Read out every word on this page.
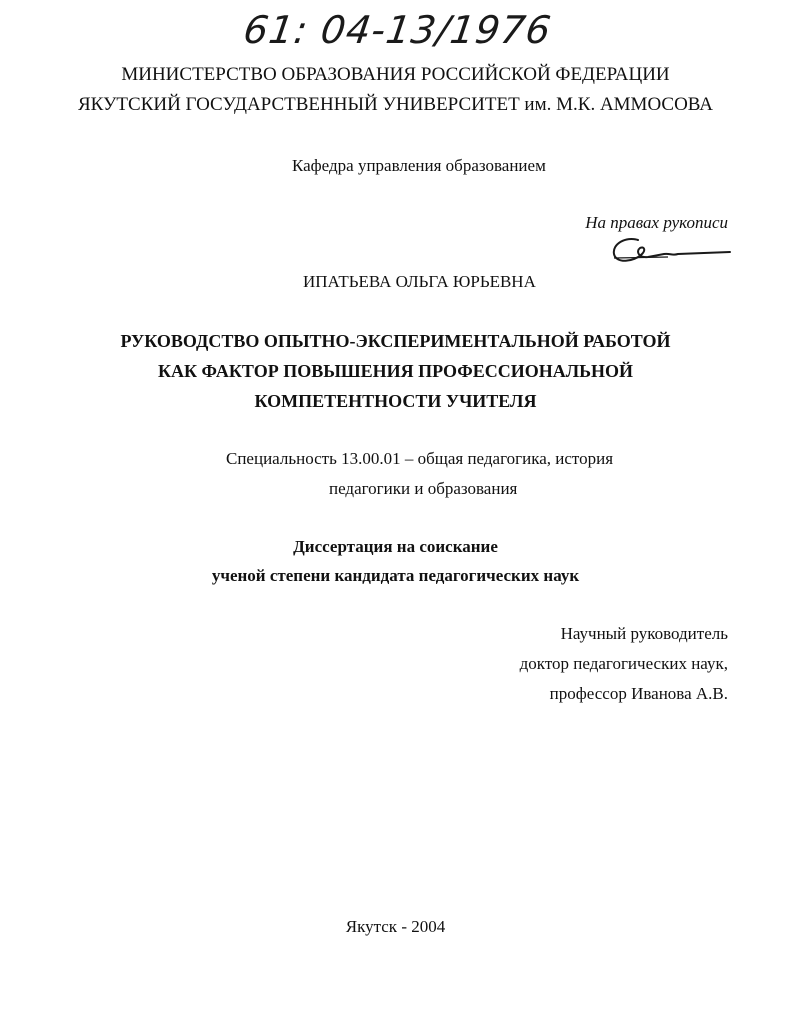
61: 04-13/1976
МИНИСТЕРСТВО ОБРАЗОВАНИЯ РОССИЙСКОЙ ФЕДЕРАЦИИ
ЯКУТСКИЙ ГОСУДАРСТВЕННЫЙ УНИВЕРСИТЕТ им. М.К. АММОСОВА
Кафедра управления образованием
На правах рукописи
ИПАТЬЕВА ОЛЬГА ЮРЬЕВНА
РУКОВОДСТВО ОПЫТНО-ЭКСПЕРИМЕНТАЛЬНОЙ РАБОТОЙ
КАК ФАКТОР ПОВЫШЕНИЯ ПРОФЕССИОНАЛЬНОЙ
КОМПЕТЕНТНОСТИ УЧИТЕЛЯ
Специальность 13.00.01 – общая педагогика, история
педагогики и образования
Диссертация на соискание
ученой степени кандидата педагогических наук
Научный руководитель
доктор педагогических наук,
профессор Иванова А.В.
Якутск - 2004
